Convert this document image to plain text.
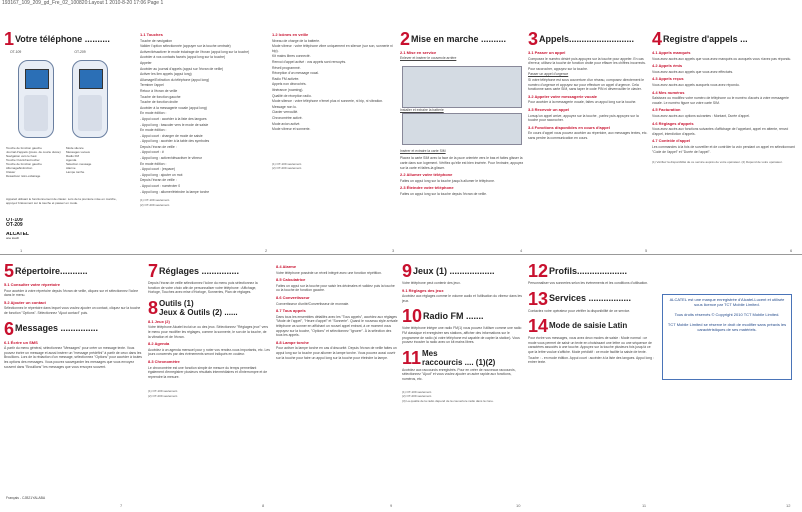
193167_109_209_gd_Fre_02_100820:Layout 1 2010-8-20 17:06 Page 1
1 Votre téléphone ..........
OT-109	OT-209
Touche de fonction gauche
Journal d'appels (press. de courte durée)
Navigation vers le haut
Touche Ouvrir/raccrocher
Touche de fonction gauche
Allumage/Extinction
Clavier
Désactiver rétro-éclairage
Mode silence
Messages vocaux
Radio FM
Agenda
Sélection message
Alarme
Lampe torche
Appareil utilisant le fonctionnement de clavier. Lors de la première mise en marche, appuyez brièvement sur la touche et passez en mode.
OT-109
OT-209
ALCATEL
one touch
1.1 Touches
Touche de navigation
Valider l'option sélectionnée (appuyer sur la touche centrale)
Activer/désactiver le mode éclairage de l'écran (appui long sur la touche)
Accéder à vos contacts favoris (appui long sur la touche)
Appeler
Accéder au journal d'appels (appui sur l'écran de veille)
Activer les lien appels (appui long)
Allumage/Extinction du téléphone (appui long)
Terminer l'appel
Retour à l'écran de veille
Touche de fonction gauche
Touche de fonction droite
Accéder à la messagerie vocale (appui long)
En mode édition :
- Appui court : accéder à la liste des langues
- Appui long : basculer vers le mode de saisie
En mode édition :
- Appui court : changer de mode de saisie
- Appui long : accéder à la table des symboles
Depuis l'écran de veille :
- Appui court : #
- Appui long : activer/désactiver le vibreur
En mode édition :
- Appui court : (espace)
- Appui long : ajouter un mot
Depuis l'écran de veille :
- Appui court : numéroter 0
- Appui long : allumer/éteindre la lampe torche
(1) OT-109 seulement.
(2) OT-209 seulement.
1.2 Icônes en veille
Niveau de charge de la batterie.
Mode vibreur : votre téléphone vibre uniquement en silence (sur son, sonnerie ni bip).
Kit mains libres connecté.
Renvoi d'appel activé : vos appels sont renvoyés.
Réveil programmé.
Réception d'un message vocal.
Radio FM activée.
Appels non décrochés.
Itinérance (roaming).
Qualité de réception radio.
Mode silence : votre téléphone n'émet plus ni sonnerie, ni bip, ni vibration.
Message non lu.
Clavier verrouillé.
Chronomètre activé.
Mode avion activé.
Mode vibreur et sonnerie.
(1) OT-109 seulement.
(2) OT-209 seulement.
2 Mise en marche ..........
2.1 Mise en service
Enlever et insérer le couvercle arrière
Installer et extraire la batterie
Insérer et extraire la carte SIM
Placez la carte SIM avec la face de la puce orientée vers le bas et faites glisser la carte dans son logement. Vérifiez qu'elle est bien insérée. Pour l'extraire, appuyez sur la carte et faites-la glisser.
2.2 Allumer votre téléphone
Faites un appui long sur la touche jusqu'à allumer le téléphone.
2.3 Éteindre votre téléphone
Faites un appui long sur la touche depuis l'écran de veille.
3 Appels..........................
3.1 Passer un appel
Composez le numéro désiré puis appuyez sur la touche pour appeler. En cas d'erreur, utilisez la touche de fonction droite pour effacer les chiffres incorrects.
Pour raccrocher, appuyez sur la touche.
Passer un appel d'urgence
Si votre téléphone est sous couverture d'un réseau, composez directement le numéro d'urgence et appuyez sur pour effectuer un appel d'urgence. Cela fonctionne sans carte SIM, sans taper le code PIN ni déverrouiller le clavier.
3.2 Appeler votre messagerie vocale
Pour accéder à la messagerie vocale, faites un appui long sur la touche.
3.3 Recevoir un appel
Lorsqu'un appel arrive, appuyez sur la touche , parlez puis appuyez sur la touche pour raccrocher.
3.4 Fonctions disponibles en cours d'appel
En cours d'appel vous pouvez accéder au répertoire, aux messages textes, etc. sans perdre la communication en cours.
4 Registre d'appels ...
4.1 Appels manqués
Vous avez accès aux appels que vous avez manqués ou auxquels vous n'avez pas répondu.
4.2 Appels émis
Vous avez accès aux appels que vous avez effectués.
4.3 Appels reçus
Vous avez accès aux appels auxquels vous avez répondu.
4.4 Mes numéros
Saisissez ou modifiez votre numéro de téléphone ou le numéro d'accès à votre messagerie vocale. Le numéro figure sur votre carte SIM.
4.5 Facturation
Vous avez accès aux options suivantes : Montant, Durée d'appel.
4.6 Réglages d'appels
Vous avez accès aux fonctions suivantes d'affichage de l'appelant, appel en attente, renvoi d'appel, interdiction d'appels.
4.7 Contrôle d'appel
Les commandes à la fois de surveiller et de contrôler la voix pendant un appel en sélectionnant "Code de l'appel" et "Durée de l'appel".
(1) Vérifiez la disponibilité de ce service auprès de votre opérateur. (2) Dépend de votre opérateur.
1	2	3	4	5	6
5 Répertoire...........
5.1 Consulter votre répertoire
Pour accéder à votre répertoire depuis l'écran de veille, cliquez sur et sélectionnez l'icône dans le menu.
5.2 Ajouter un contact
Sélectionnez le répertoire dans lequel vous voulez ajouter un contact, cliquez sur la touche de fonction "Options". Sélectionnez "Ajout contact" puis.
6 Messages ...............
6.1 Écrire un SMS
À partir du menu général, sélectionnez "Messages" pour créer un message texte. Vous pouvez écrire un message et aussi insérer un "message prédéfini" à partir de ceux dans les Brouillons. Lors de la rédaction d'un message, sélectionnez "Options" pour accéder à toutes les options des messages. Vous pouvez sauvegarder les messages que vous envoyez souvent dans "Brouillons" les messages que vous envoyez souvent.
Français - CJB21YALABA
7 Réglages ...............
Depuis l'écran de veille sélectionnez l'icône du menu puis sélectionnez la fonction de votre choix afin de personnaliser votre téléphone : Affichage, Horloge, Touches avec mise d'Horloge, Sonneries, Plan de réglages.
8 Outils (1)
Jeux & Outils (2) ......
8.1 Jeux (2)
Votre téléphone Alcatel inclut un ou des jeux. Sélectionnez "Réglages jeux" vers le menu pour modifier les réglages, comme la sonnerie, le son de la touche, de la vibration et de l'écran.
8.2 Agenda
Accédez à un agenda mensuel pour y noter vos rendez-vous importants, etc. Les jours concernés par des événements seront indiqués en couleur.
8.3 Chronomètre
Le chronomètre est une fonction simple de mesure du temps permettant également d'enregistrer plusieurs résultats intermédiaires et d'interrompre et de reprendre la mesure.
(1) OT-109 seulement.
(2) OT-209 seulement.
8.4 Alarme
Votre téléphone possède un réveil intégré avec une fonction répétition.
8.5 Calculatrice
Faites un appui sur la touche pour saisir les décimales et validez puis la touche ou la touche de fonction gauche.
8.6 Convertisseur
Convertisseur d'unité/Convertisseur de monnaie.
8.7 Tous appels
Dans tous les ensembles détaillés avec les "Tous appels", accédez aux réglages "Mode de l'appel", "Heure d'appel" et "Sonnerie". Quand le nouveau style arrivale téléphone va sonner en affichant un nouvel appel entrant, à ce moment vous appuyez sur la touche, "Options" et sélectionnez "Ignorer". À la sélection des tous les appels.
8.8 Lampe torche
Pour activer la lampe torche en cas d'obscurité. Depuis l'écran de veille faites un appui long sur la touche pour allumer la lampe torche. Vous pouvez aussi ouvrir sur la touche pour faire un appui long sur la touche pour éteindre la lampe.
9 Jeux (1) ..................
Votre téléphone peut contenir des jeux.
9.1 Réglages des jeux
Accédez aux réglages comme le volume audio et l'utilisation du vibreur dans les jeux.
10 Radio FM .......
Votre téléphone intègre une radio FM(1) vous pouvez l'utiliser comme une radio FM classique et enregistrer ses stations, afficher des informations sur le programme de radio (si votre téléphone est capable de capter la station). Vous pouvez écouter la radio avec un kit mains libres.
11 Mes
raccourcis .... (1)(2)
Accédez aux raccourcis enregistrés. Pour en créer de nouveaux raccourcis, sélectionnez "Ajout" et vous voulez ajouter un autre rapide aux fonctions, numéros, etc.
(1) OT-109 seulement.
(2) OT-209 seulement.
(3) La qualité de la radio dépend de la couverture radio dans la zone.
12 Profils....................
Personnaliser vos sonneries selon les événements et les conditions d'utilisation.
13 Services .................
Contactez votre opérateur pour vérifier la disponibilité de ce service.
14 Mode de saisie Latin
Pour écrire vos messages, vous avez deux modes de saisie : Mode normal : ce mode vous permet de saisir un texte en choisissant une lettre ou une séquence de caractères associés à une touche. Appuyez sur la touche plusieurs fois jusqu'à ce que la lettre voulue s'affiche. Mode prédictif : ce mode facilite la saisie de texte.
Touche : - en mode édition. Appui court : accéder à la liste des langues. Appui long : entrer texte.
ALCATEL est une marque enregistrée d'Alcatel-Lucent et utilisée sous licence par TCT Mobile Limited.

Tous droits réservés © Copyright 2010 TCT Mobile Limited.

TCT Mobile Limited se réserve le droit de modifier sans préavis les caractéristiques de ses matériels.
7	8	9	10	11	12
